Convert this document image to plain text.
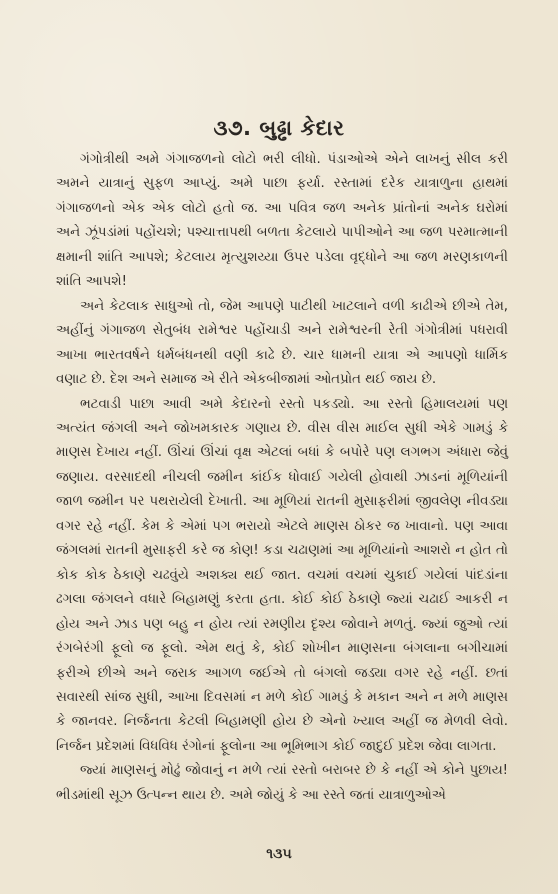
૩૭. બુઢ્ઢા કેદાર

ગંગોત્રીથી અમે ગંગાજળનો લોટો ભરી લીધો. પંડાઓએ એને લાખનું સીલ કરી અમને યાત્રાનું સુફળ આપ્યું. અમે પાછા ફર્યા. રસ્તામાં દરેક યાત્રાળુના હાથમાં ગંગાજળનો એક એક લોટો હતો જ. આ પવિત્ર જળ અનેક પ્રાંતોનાં અનેક ઘરોમાં અને ઝૂંપડાંમાં પહોંચશે; પશ્ચાત્તાપથી બળતા કેટલાયે પાપીઓને આ જળ પરમાત્માની ક્ષમાની શાંતિ આપશે; કેટલાય મૃત્યુશય્યા ઉપર પડેલા વૃદ્ધોને આ જળ મરણકાળની શાંતિ આપશે!

અને કેટલાક સાધુઓ તો, જેમ આપણે પાટીથી ખાટલાને વળી કાઢીએ છીએ તેમ, અહીંનું ગંગાજળ સેતુબંધ રામેશ્વર પહોંચાડી અને રામેશ્વરની રેતી ગંગોત્રીમાં પધરાવી આખા ભારતવર્ષને ધર્મબંધનથી વણી કાઢે છે. ચાર ધામની યાત્રા એ આપણો ધાર્મિક વણાટ છે. દેશ અને સમાજ એ રીતે એકબીજામાં ઓતપ્રોત થઈ જાય છે.

ભટવાડી પાછા આવી અમે કેદારનો રસ્તો પકડ્યો. આ રસ્તો હિમાલયમાં પણ અત્યંત જંગલી અને જોખમકારક ગણાય છે. વીસ વીસ માઈલ સુધી એકે ગામડું કે માણસ દેખાય નહીં. ઊંચાં ઊંચાં વૃક્ષ એટલાં બધાં કે બપોરે પણ લગભગ અંધારા જેવું જણાય. વરસાદથી નીચલી જમીન કાંઈક ધોવાઈ ગયેલી હોવાથી ઝાડનાં મૂળિયાંની જાળ જમીન પર પથરાયેલી દેખાતી. આ મૂળિયાં રાતની મુસાફરીમાં જીવલેણ નીવડ્યા વગર રહે નહીં. કેમ કે એમાં પગ ભરાયો એટલે માણસ ઠોકર જ ખાવાનો. પણ આવા જંગલમાં રાતની મુસાફરી કરે જ કોણ! કડા ચઢાણમાં આ મૂળિયાંનો આશરો ન હોત તો કોક કોક ઠેકાણે ચઢવુંયે અશક્ય થઈ જાત. વચમાં વચમાં ચુકાઈ ગયેલાં પાંદડાંના ઢગલા જંગલને વધારે બિહામણું કરતા હતા. કોઈ કોઈ ઠેકાણે જ્યાં ચઢાઈ આકરી ન હોય અને ઝાડ પણ બહુ ન હોય ત્યાં રમણીય દૃશ્ય જોવાને મળતું. જ્યાં જુઓ ત્યાં રંગબેરંગી ફૂલો જ ફૂલો. એમ થતું કે, કોઈ શોખીન માણસના બંગલાના બગીચામાં ફરીએ છીએ અને જરાક આગળ જઈએ તો બંગલો જડ્યા વગર રહે નહીં. છતાં સવારથી સાંજ સુધી, આખા દિવસમાં ન મળે કોઈ ગામડું કે મકાન અને ન મળે માણસ કે જાનવર. નિર્જનતા કેટલી બિહામણી હોય છે એનો ખ્યાલ અહીં જ મેળવી લેવો. નિર્જન પ્રદેશમાં વિધવિધ રંગોનાં ફૂલોના આ ભૂમિભાગ કોઈ જાદુઈ પ્રદેશ જેવા લાગતા.

જ્યાં માણસનું મોઢું જોવાનું ન મળે ત્યાં રસ્તો બરાબર છે કે નહીં એ કોને પુછાય! ભીડમાંથી સૂઝ ઉત્પન્ન થાય છે. અમે જોયું કે આ રસ્તે જતાં યાત્રાળુઓએ

૧૩૫
